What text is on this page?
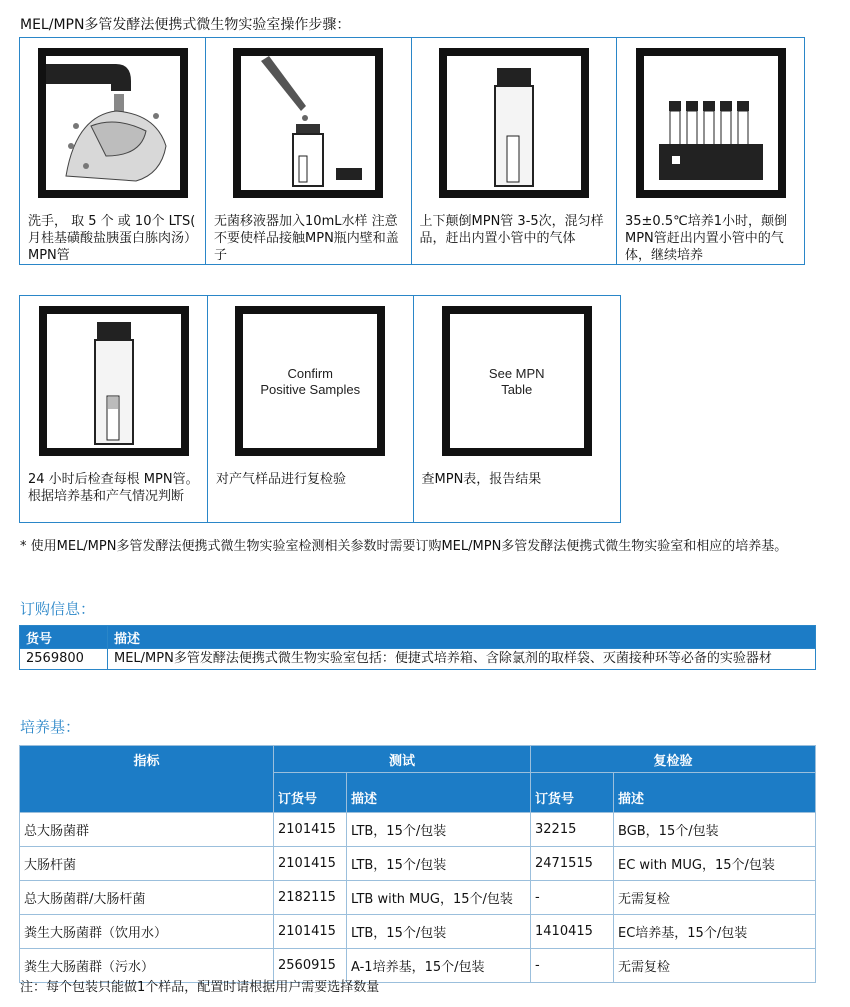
MEL/MPN多管发酵法便携式微生物实验室操作步骤：
洗手， 取 5 个 或 10个 LTS( 月桂基磺酸盐胰蛋白胨肉汤）MPN管

无菌移液器加入10mL水样 注意不要使样品接触MPN瓶内壁和盖子

上下颠倒MPN管 3-5次，混匀样品，赶出内置小管中的气体

35±0.5℃培养1小时，颠倒MPN管赶出内置小管中的气体，继续培养
24 小时后检查每根 MPN管。根据培养基和产气情况判断

Confirm
Positive Samples
对产气样品进行复检验

See MPN
Table
查MPN表，报告结果
* 使用MEL/MPN多管发酵法便携式微生物实验室检测相关参数时需要订购MEL/MPN多管发酵法便携式微生物实验室和相应的培养基。
订购信息：
货号	描述
2569800	MEL/MPN多管发酵法便携式微生物实验室包括：便捷式培养箱、含除氯剂的取样袋、灭菌接种环等必备的实验器材
培养基：
指标	测试		复检验	
	订货号	描述	订货号	描述
总大肠菌群	2101415	LTB，15个/包装	32215	BGB，15个/包装
大肠杆菌	2101415	LTB，15个/包装	2471515	EC with MUG，15个/包装
总大肠菌群/大肠杆菌	2182115	LTB with MUG，15个/包装	-	无需复检
粪生大肠菌群（饮用水）	2101415	LTB，15个/包装	1410415	EC培养基，15个/包装
粪生大肠菌群（污水）	2560915	A-1培养基，15个/包装	-	无需复检
注：每个包装只能做1个样品，配置时请根据用户需要选择数量
